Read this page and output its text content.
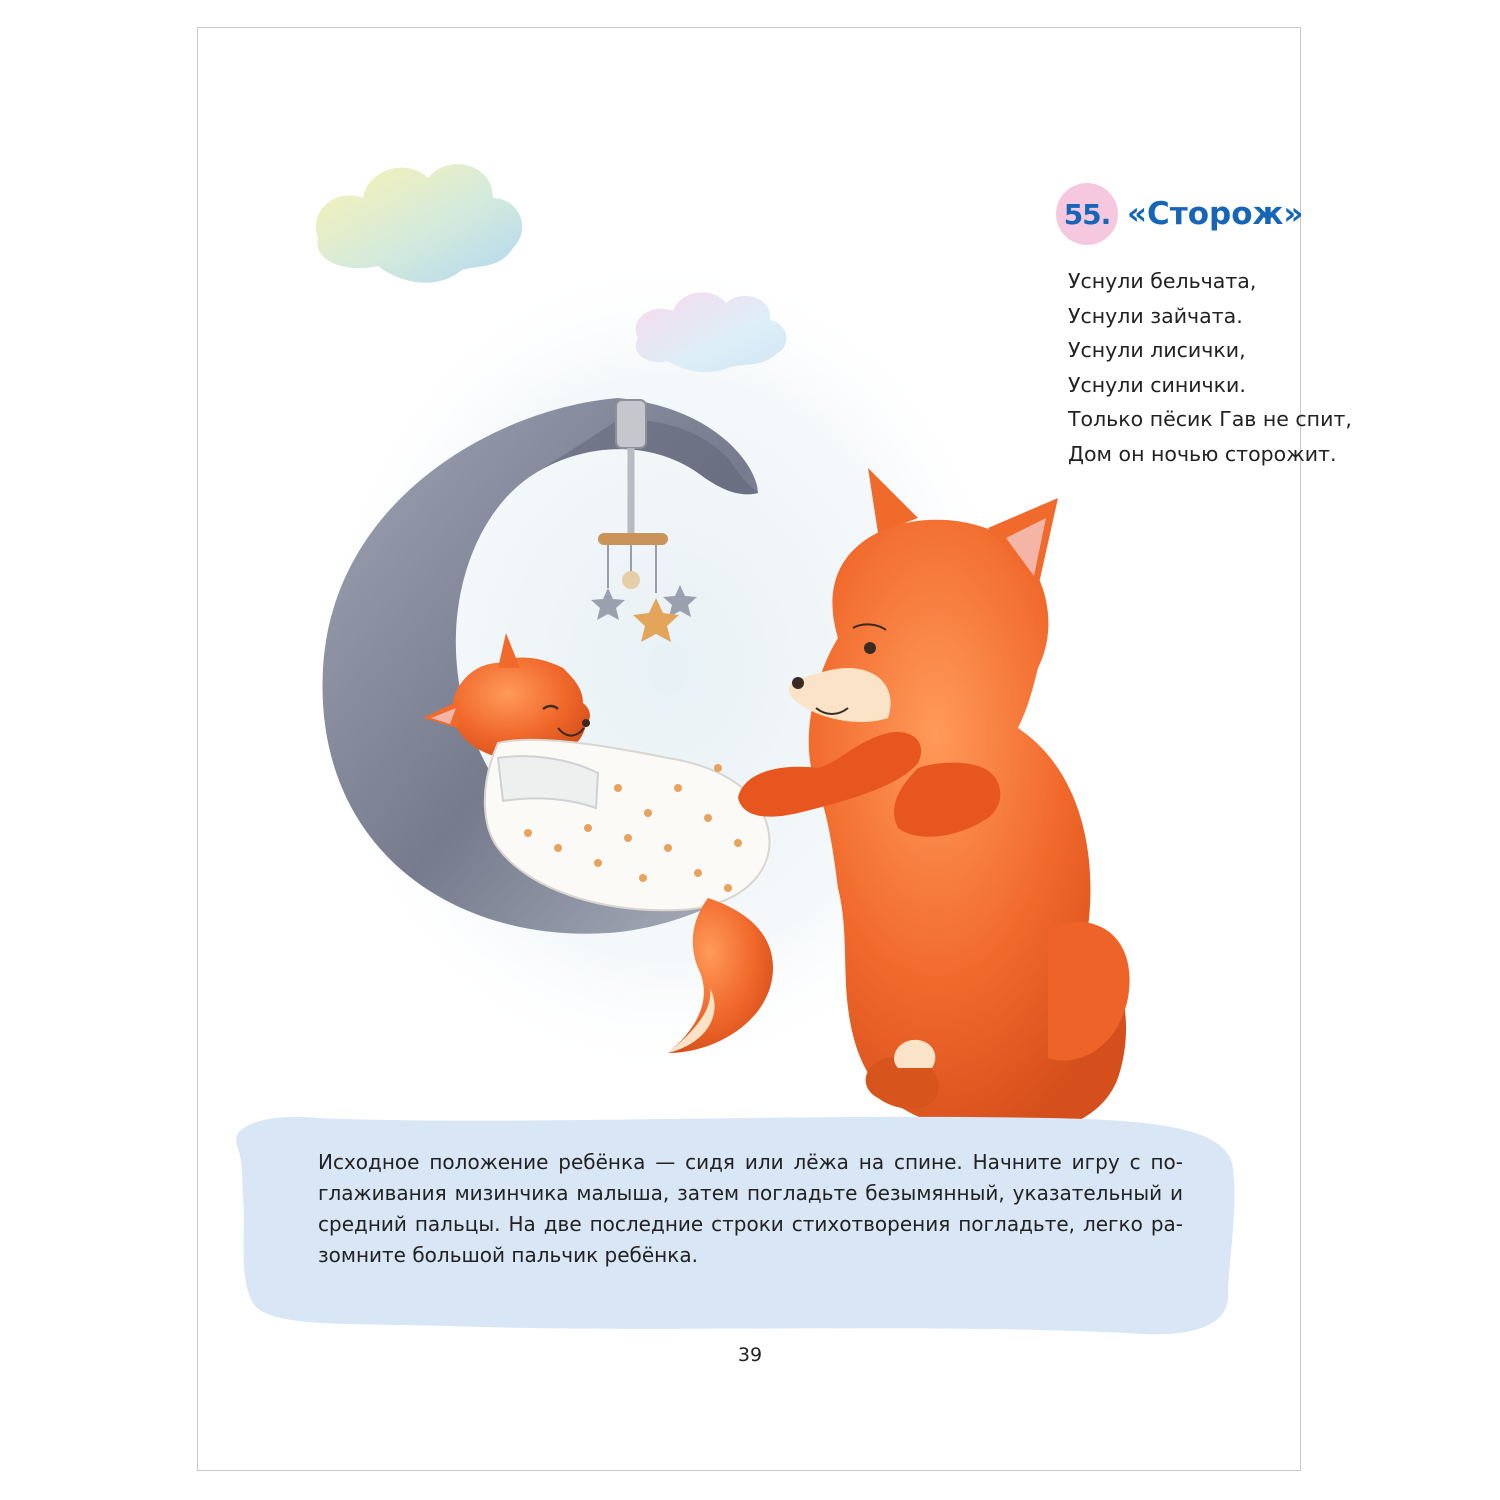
55. «Сторож»
Уснули бельчата,
Уснули зайчата.
Уснули лисички,
Уснули синички.
Только пёсик Гав не спит,
Дом он ночью сторожит.

Исходное положение ребёнка — сидя или лёжа на спине. Начните игру с по-
глаживания мизинчика малыша, затем погладьте безымянный, указательный и
средний пальцы. На две последние строки стихотворения погладьте, легко ра-
зомните большой пальчик ребёнка.

39
